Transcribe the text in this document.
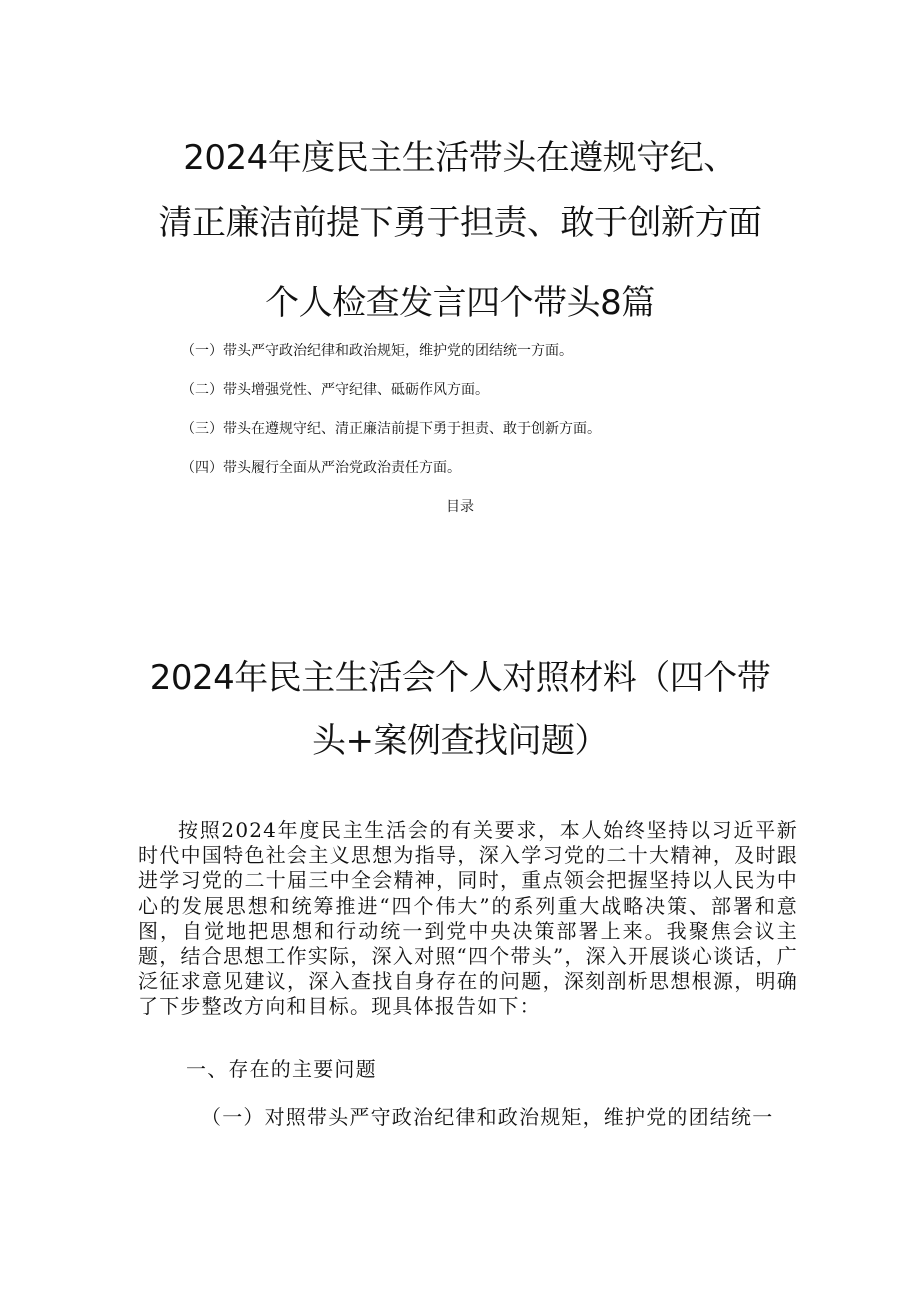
2024年度民主生活带头在遵规守纪、
清正廉洁前提下勇于担责、敢于创新方面
个人检查发言四个带头8篇
（一）带头严守政治纪律和政治规矩，维护党的团结统一方面。
（二）带头增强党性、严守纪律、砥砺作风方面。
（三）带头在遵规守纪、清正廉洁前提下勇于担责、敢于创新方面。
（四）带头履行全面从严治党政治责任方面。
目录
2024年民主生活会个人对照材料（四个带
头+案例查找问题）
按照2024年度民主生活会的有关要求，本人始终坚持以习近平新时代中国特色社会主义思想为指导，深入学习党的二十大精神，及时跟进学习党的二十届三中全会精神，同时，重点领会把握坚持以人民为中心的发展思想和统筹推进“四个伟大”的系列重大战略决策、部署和意图，自觉地把思想和行动统一到党中央决策部署上来。我聚焦会议主题，结合思想工作实际，深入对照“四个带头”，深入开展谈心谈话，广泛征求意见建议，深入查找自身存在的问题，深刻剖析思想根源，明确了下步整改方向和目标。现具体报告如下：
一、存在的主要问题
（一）对照带头严守政治纪律和政治规矩，维护党的团结统一
